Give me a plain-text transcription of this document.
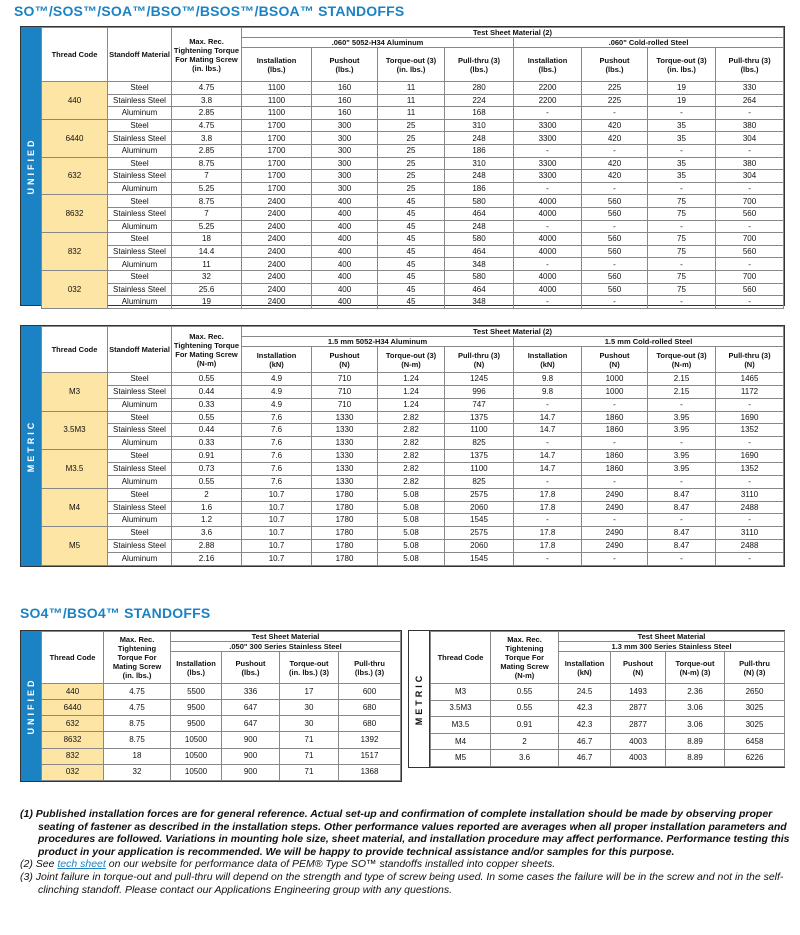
SO™/SOS™/SOA™/BSO™/BSOS™/BSOA™ STANDOFFS
UNIFIED
Thread Code	Standoff Material	Max. Rec. Tightening Torque For Mating Screw
(in. lbs.)	Test Sheet Material (2)							
			.060" 5052-H34 Aluminum				.060" Cold-rolled Steel			
			Installation
(lbs.)	Pushout
(lbs.)	Torque-out (3)
(in. lbs.)	Pull-thru (3)
(lbs.)	Installation
(lbs.)	Pushout
(lbs.)	Torque-out (3)
(in. lbs.)	Pull-thru (3)
(lbs.)
440	Steel	4.75	1100	160	11	280	2200	225	19	330
	Stainless Steel	3.8	1100	160	11	224	2200	225	19	264
	Aluminum	2.85	1100	160	11	168	-	-	-	-
6440	Steel	4.75	1700	300	25	310	3300	420	35	380
	Stainless Steel	3.8	1700	300	25	248	3300	420	35	304
	Aluminum	2.85	1700	300	25	186	-	-	-	-
632	Steel	8.75	1700	300	25	310	3300	420	35	380
	Stainless Steel	7	1700	300	25	248	3300	420	35	304
	Aluminum	5.25	1700	300	25	186	-	-	-	-
8632	Steel	8.75	2400	400	45	580	4000	560	75	700
	Stainless Steel	7	2400	400	45	464	4000	560	75	560
	Aluminum	5.25	2400	400	45	248	-	-	-	-
832	Steel	18	2400	400	45	580	4000	560	75	700
	Stainless Steel	14.4	2400	400	45	464	4000	560	75	560
	Aluminum	11	2400	400	45	348	-	-	-	-
032	Steel	32	2400	400	45	580	4000	560	75	700
	Stainless Steel	25.6	2400	400	45	464	4000	560	75	560
	Aluminum	19	2400	400	45	348	-	-	-	-
METRIC
Thread Code	Standoff Material	Max. Rec. Tightening Torque For Mating Screw
(N-m)	Test Sheet Material (2)							
			1.5 mm 5052-H34 Aluminum				1.5 mm Cold-rolled Steel			
			Installation
(kN)	Pushout
(N)	Torque-out (3)
(N-m)	Pull-thru (3)
(N)	Installation
(kN)	Pushout
(N)	Torque-out (3)
(N-m)	Pull-thru (3)
(N)
M3	Steel	0.55	4.9	710	1.24	1245	9.8	1000	2.15	1465
	Stainless Steel	0.44	4.9	710	1.24	996	9.8	1000	2.15	1172
	Aluminum	0.33	4.9	710	1.24	747	-	-	-	-
3.5M3	Steel	0.55	7.6	1330	2.82	1375	14.7	1860	3.95	1690
	Stainless Steel	0.44	7.6	1330	2.82	1100	14.7	1860	3.95	1352
	Aluminum	0.33	7.6	1330	2.82	825	-	-	-	-
M3.5	Steel	0.91	7.6	1330	2.82	1375	14.7	1860	3.95	1690
	Stainless Steel	0.73	7.6	1330	2.82	1100	14.7	1860	3.95	1352
	Aluminum	0.55	7.6	1330	2.82	825	-	-	-	-
M4	Steel	2	10.7	1780	5.08	2575	17.8	2490	8.47	3110
	Stainless Steel	1.6	10.7	1780	5.08	2060	17.8	2490	8.47	2488
	Aluminum	1.2	10.7	1780	5.08	1545	-	-	-	-
M5	Steel	3.6	10.7	1780	5.08	2575	17.8	2490	8.47	3110
	Stainless Steel	2.88	10.7	1780	5.08	2060	17.8	2490	8.47	2488
	Aluminum	2.16	10.7	1780	5.08	1545	-	-	-	-
SO4™/BSO4™ STANDOFFS
UNIFIED
Thread Code	Max. Rec. Tightening Torque For Mating Screw
(in. lbs.)	Test Sheet Material			
		.050" 300 Series Stainless Steel			
		Installation
(lbs.)	Pushout
(lbs.)	Torque-out
(in. lbs.) (3)	Pull-thru
(lbs.) (3)
440	4.75	5500	336	17	600
6440	4.75	9500	647	30	680
632	8.75	9500	647	30	680
8632	8.75	10500	900	71	1392
832	18	10500	900	71	1517
032	32	10500	900	71	1368
METRIC
Thread Code	Max. Rec. Tightening Torque For Mating Screw
(N-m)	Test Sheet Material			
		1.3 mm 300 Series Stainless Steel			
		Installation
(kN)	Pushout
(N)	Torque-out
(N-m) (3)	Pull-thru
(N) (3)
M3	0.55	24.5	1493	2.36	2650
3.5M3	0.55	42.3	2877	3.06	3025
M3.5	0.91	42.3	2877	3.06	3025
M4	2	46.7	4003	8.89	6458
M5	3.6	46.7	4003	8.89	6226

(1) Published installation forces are for general reference. Actual set-up and confirmation of complete installation should be made by observing proper seating of fastener as described in the installation steps. Other performance values reported are averages when all proper installation parameters and procedures are followed. Variations in mounting hole size, sheet material, and installation procedure may affect performance. Performance testing this product in your application is recommended. We will be happy to provide technical assistance and/or samples for this purpose.

(2) See tech sheet on our website for performance data of PEM® Type SO™ standoffs installed into copper sheets.

(3) Joint failure in torque-out and pull-thru will depend on the strength and type of screw being used. In some cases the failure will be in the screw and not in the self-clinching standoff. Please contact our Applications Engineering group with any questions.
